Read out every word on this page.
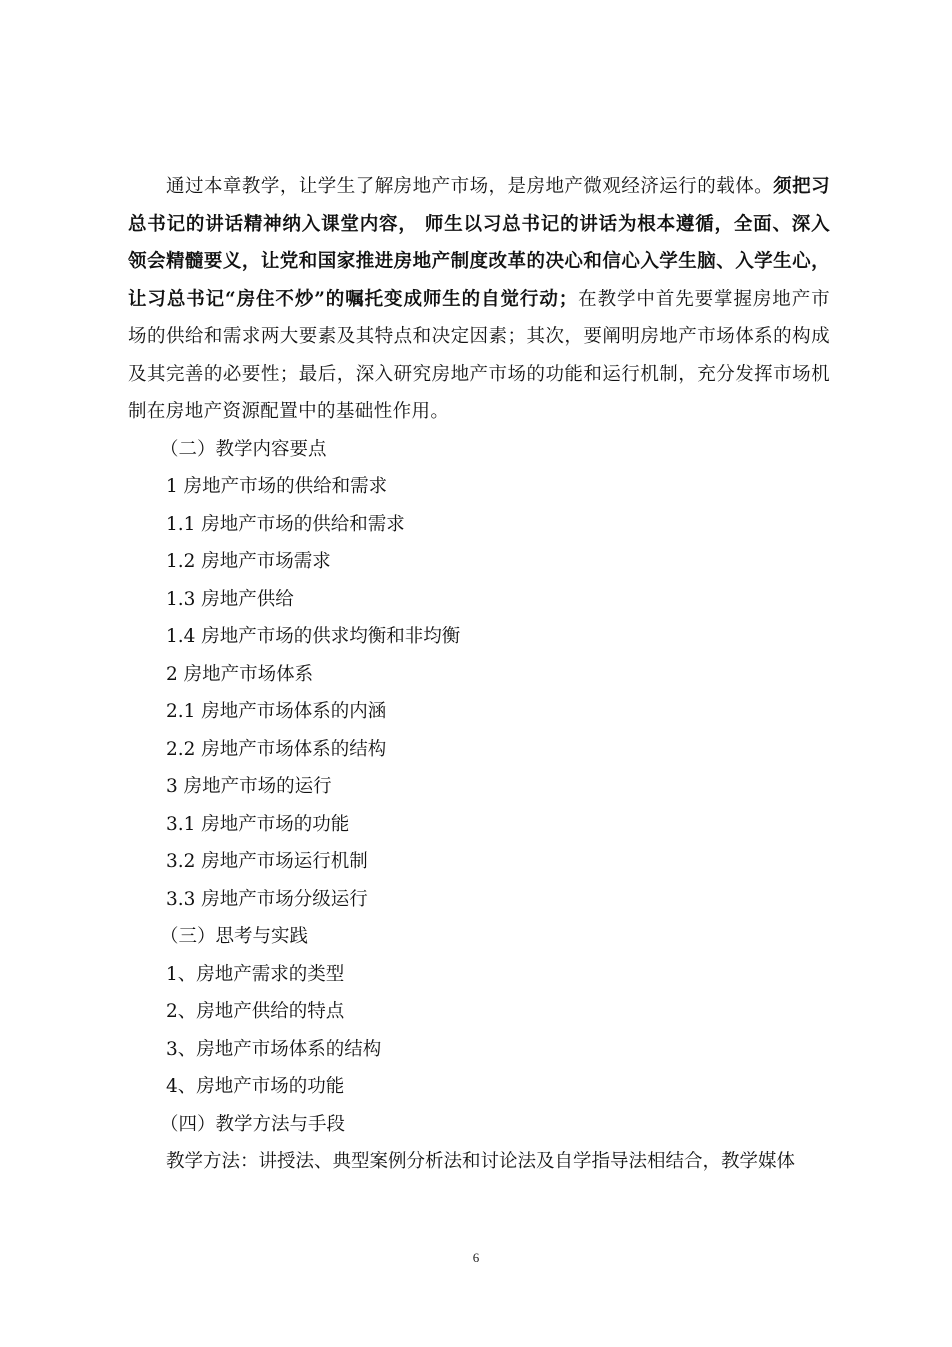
通过本章教学，让学生了解房地产市场，是房地产微观经济运行的载体。须把习总书记的讲话精神纳入课堂内容， 师生以习总书记的讲话为根本遵循，全面、深入领会精髓要义，让党和国家推进房地产制度改革的决心和信心入学生脑、入学生心，让习总书记“房住不炒”的嘱托变成师生的自觉行动；在教学中首先要掌握房地产市场的供给和需求两大要素及其特点和决定因素；其次，要阐明房地产市场体系的构成及其完善的必要性；最后，深入研究房地产市场的功能和运行机制，充分发挥市场机制在房地产资源配置中的基础性作用。

（二）教学内容要点

1 房地产市场的供给和需求

1.1 房地产市场的供给和需求

1.2 房地产市场需求

1.3 房地产供给

1.4 房地产市场的供求均衡和非均衡

2 房地产市场体系

2.1 房地产市场体系的内涵

2.2 房地产市场体系的结构

3 房地产市场的运行

3.1 房地产市场的功能

3.2 房地产市场运行机制

3.3 房地产市场分级运行

（三）思考与实践

1、房地产需求的类型

2、房地产供给的特点

3、房地产市场体系的结构

4、房地产市场的功能

（四）教学方法与手段

教学方法：讲授法、典型案例分析法和讨论法及自学指导法相结合，教学媒体

6
